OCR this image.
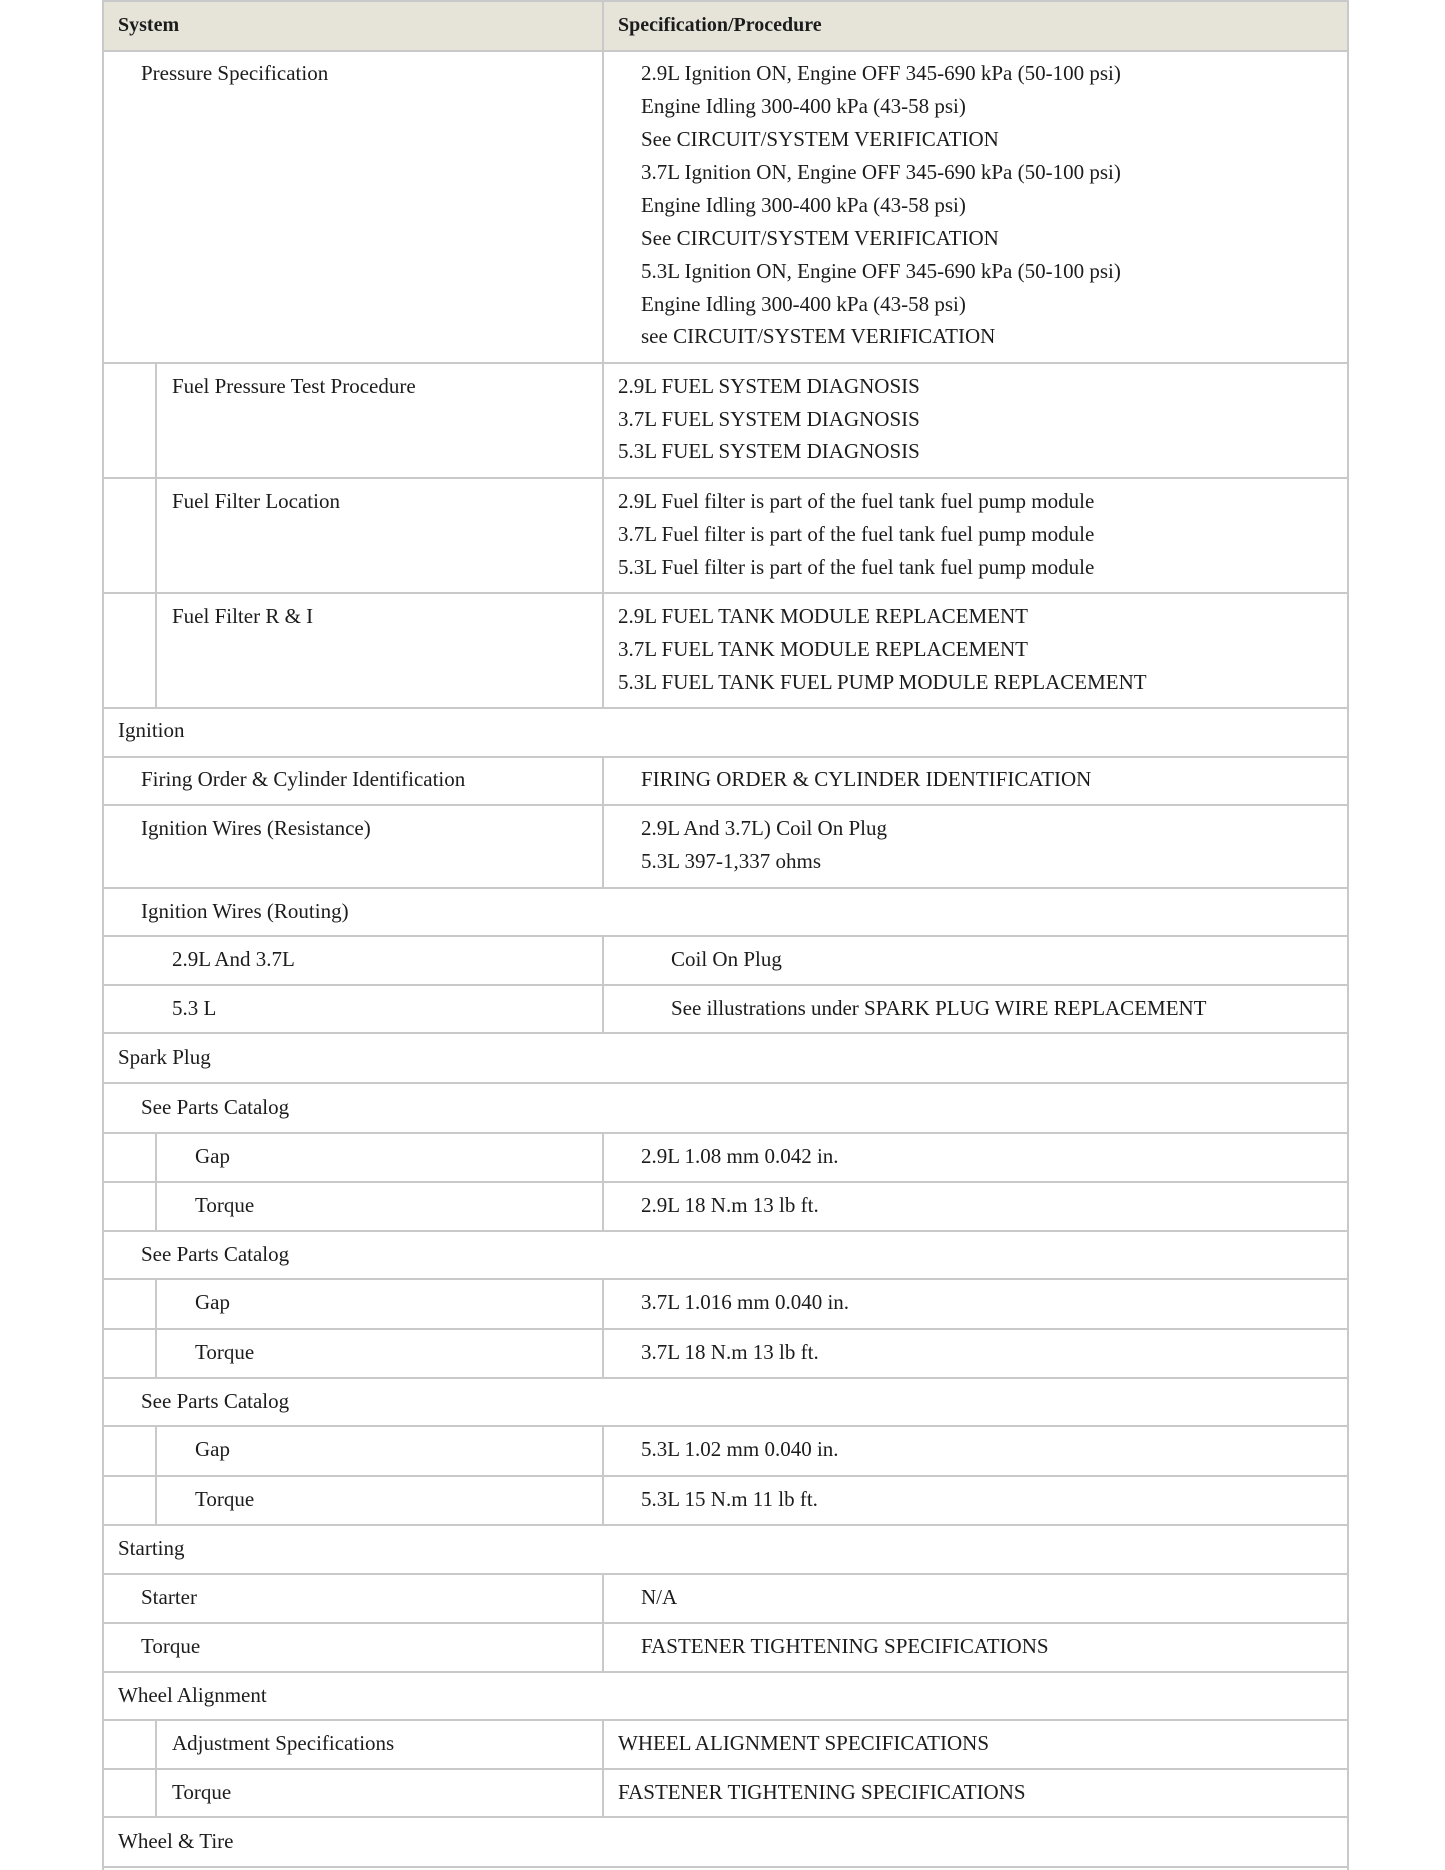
System	Specification/Procedure
Pressure Specification	2.9L Ignition ON, Engine OFF 345-690 kPa (50-100 psi)
Engine Idling 300-400 kPa (43-58 psi)
See CIRCUIT/SYSTEM VERIFICATION
3.7L Ignition ON, Engine OFF 345-690 kPa (50-100 psi)
Engine Idling 300-400 kPa (43-58 psi)
See CIRCUIT/SYSTEM VERIFICATION
5.3L Ignition ON, Engine OFF 345-690 kPa (50-100 psi)
Engine Idling 300-400 kPa (43-58 psi)
see CIRCUIT/SYSTEM VERIFICATION
Fuel Pressure Test Procedure	2.9L FUEL SYSTEM DIAGNOSIS
3.7L FUEL SYSTEM DIAGNOSIS
5.3L FUEL SYSTEM DIAGNOSIS
Fuel Filter Location	2.9L Fuel filter is part of the fuel tank fuel pump module
3.7L Fuel filter is part of the fuel tank fuel pump module
5.3L Fuel filter is part of the fuel tank fuel pump module
Fuel Filter R & I	2.9L FUEL TANK MODULE REPLACEMENT
3.7L FUEL TANK MODULE REPLACEMENT
5.3L FUEL TANK FUEL PUMP MODULE REPLACEMENT
Ignition
Firing Order & Cylinder Identification	FIRING ORDER & CYLINDER IDENTIFICATION
Ignition Wires (Resistance)	2.9L And 3.7L) Coil On Plug
5.3L 397-1,337 ohms
Ignition Wires (Routing)
2.9L And 3.7L	Coil On Plug
5.3 L	See illustrations under SPARK PLUG WIRE REPLACEMENT
Spark Plug
See Parts Catalog
Gap	2.9L 1.08 mm 0.042 in.
Torque	2.9L 18 N.m 13 lb ft.
See Parts Catalog
Gap	3.7L 1.016 mm 0.040 in.
Torque	3.7L 18 N.m 13 lb ft.
See Parts Catalog
Gap	5.3L 1.02 mm 0.040 in.
Torque	5.3L 15 N.m 11 lb ft.
Starting
Starter	N/A
Torque	FASTENER TIGHTENING SPECIFICATIONS
Wheel Alignment
Adjustment Specifications	WHEEL ALIGNMENT SPECIFICATIONS
Torque	FASTENER TIGHTENING SPECIFICATIONS
Wheel & Tire
